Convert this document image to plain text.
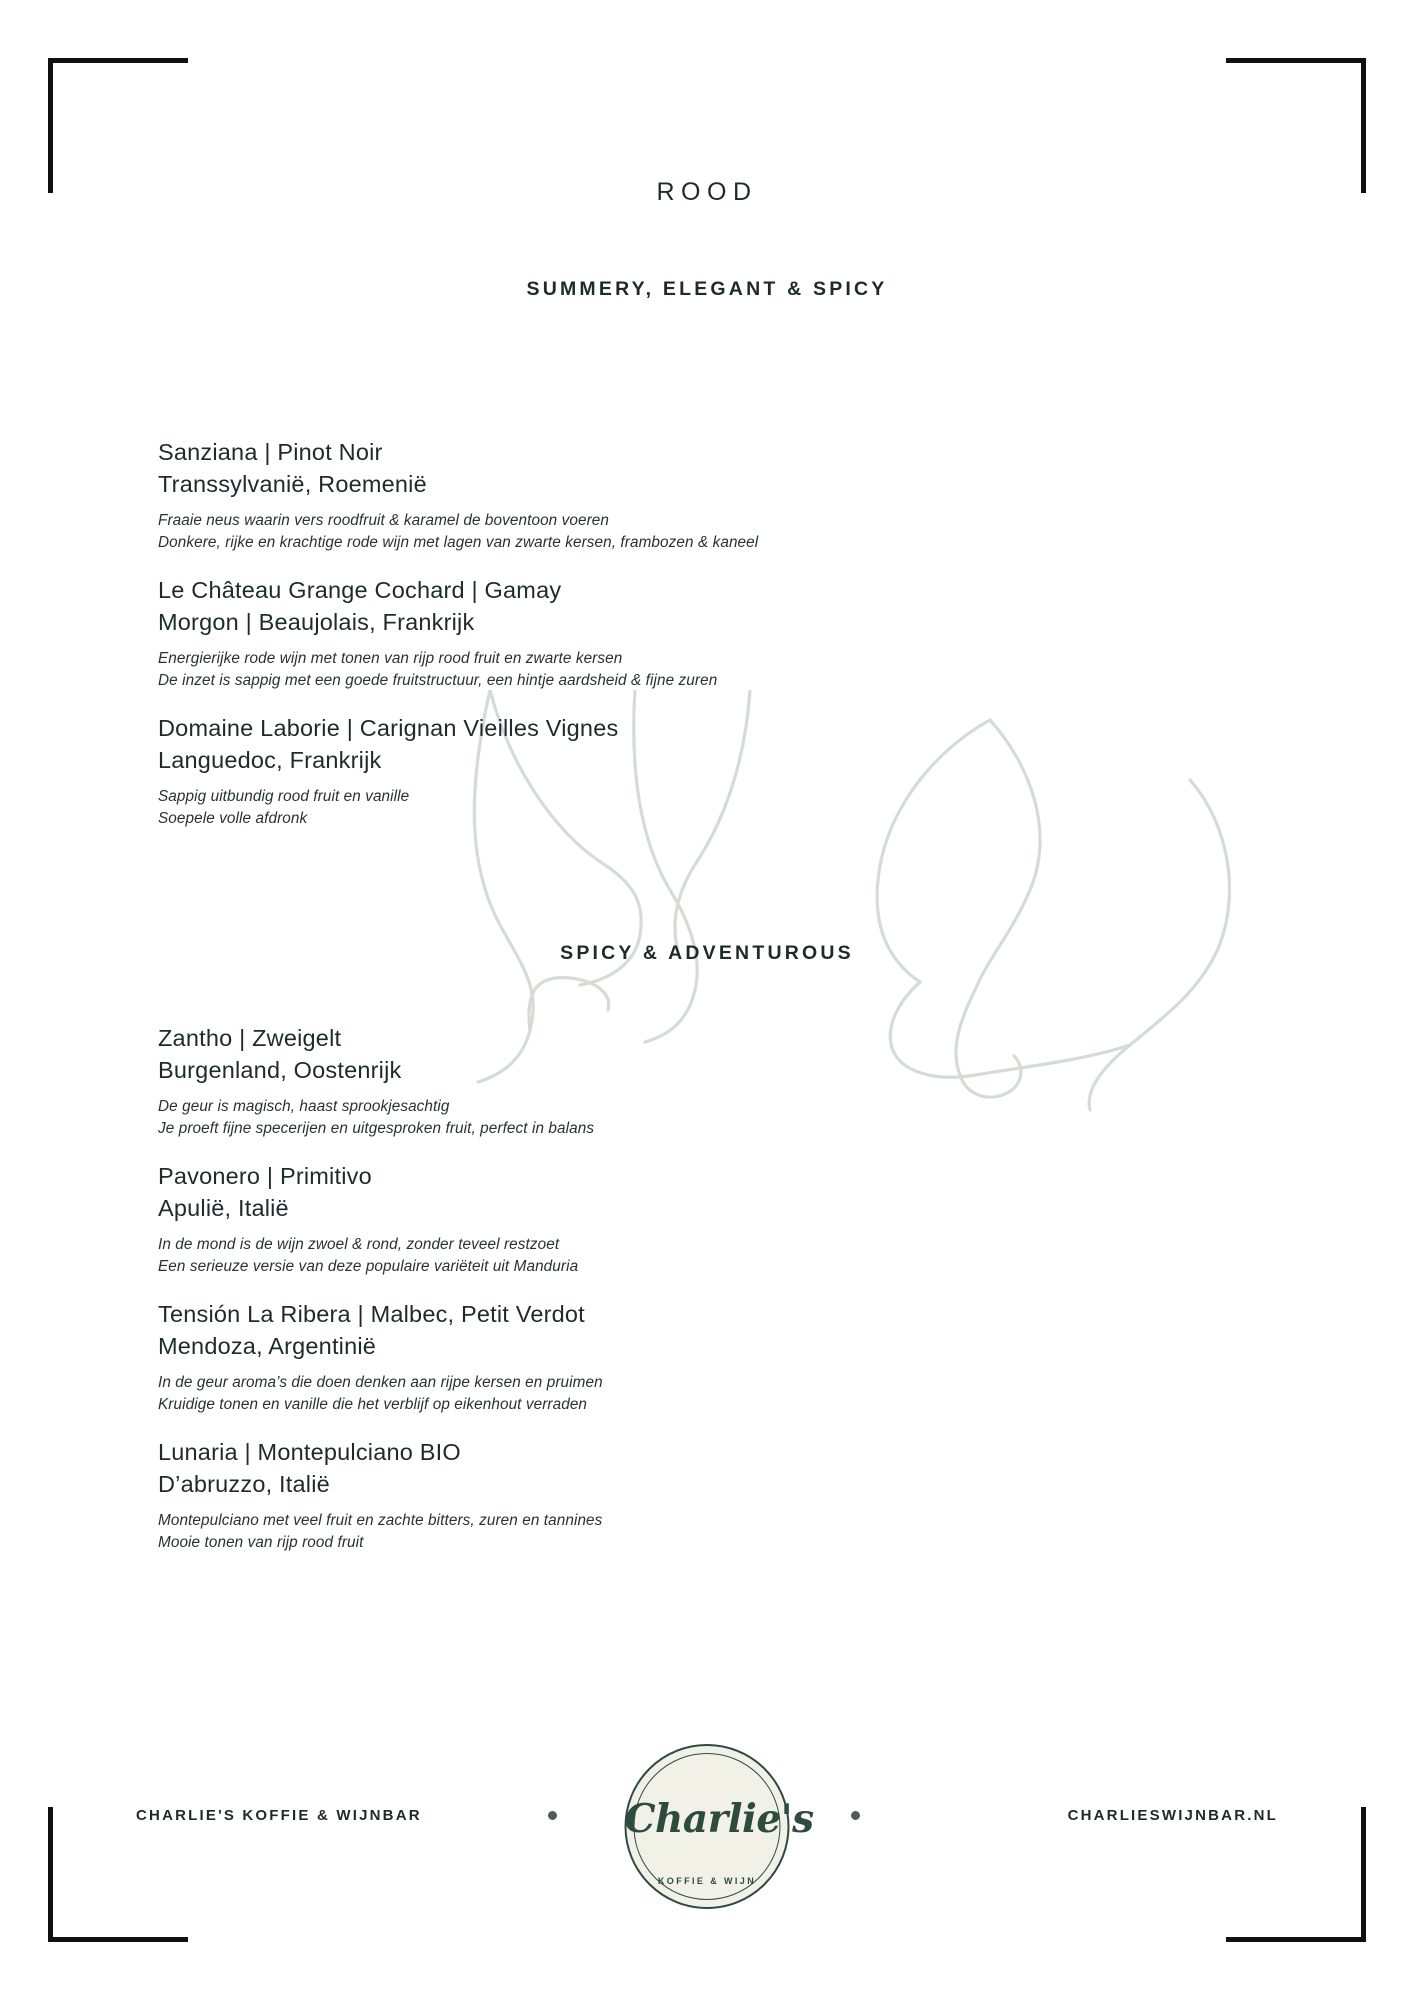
ROOD
SUMMERY, ELEGANT & SPICY
Sanziana | Pinot Noir
Transsylvanië, Roemenië
Fraaie neus waarin vers roodfruit & karamel de boventoon voeren
Donkere, rijke en krachtige rode wijn met lagen van zwarte kersen, frambozen & kaneel
Le Château Grange Cochard | Gamay
Morgon | Beaujolais, Frankrijk
Energierijke rode wijn met tonen van rijp rood fruit en zwarte kersen
De inzet is sappig met een goede fruitstructuur, een hintje aardsheid & fijne zuren
Domaine Laborie | Carignan Vieilles Vignes
Languedoc, Frankrijk
Sappig uitbundig rood fruit en vanille
Soepele volle afdronk
SPICY & ADVENTUROUS
Zantho | Zweigelt
Burgenland, Oostenrijk
De geur is magisch, haast sprookjesachtig
Je proeft fijne specerijen en uitgesproken fruit, perfect in balans
Pavonero | Primitivo
Apulië, Italië
In de mond is de wijn zwoel & rond, zonder teveel restzoet
Een serieuze versie van deze populaire variëteit uit Manduria
Tensión La Ribera | Malbec, Petit Verdot
Mendoza, Argentinië
In de geur aroma’s die doen denken aan rijpe kersen en pruimen
Kruidige tonen en vanille die het verblijf op eikenhout verraden
Lunaria | Montepulciano BIO
D’abruzzo, Italië
Montepulciano met veel fruit en zachte bitters, zuren en tannines
Mooie tonen van rijp rood fruit
CHARLIE'S KOFFIE & WIJNBAR	CHARLIESWIJNBAR.NL
Charlie's
KOFFIE & WIJN
